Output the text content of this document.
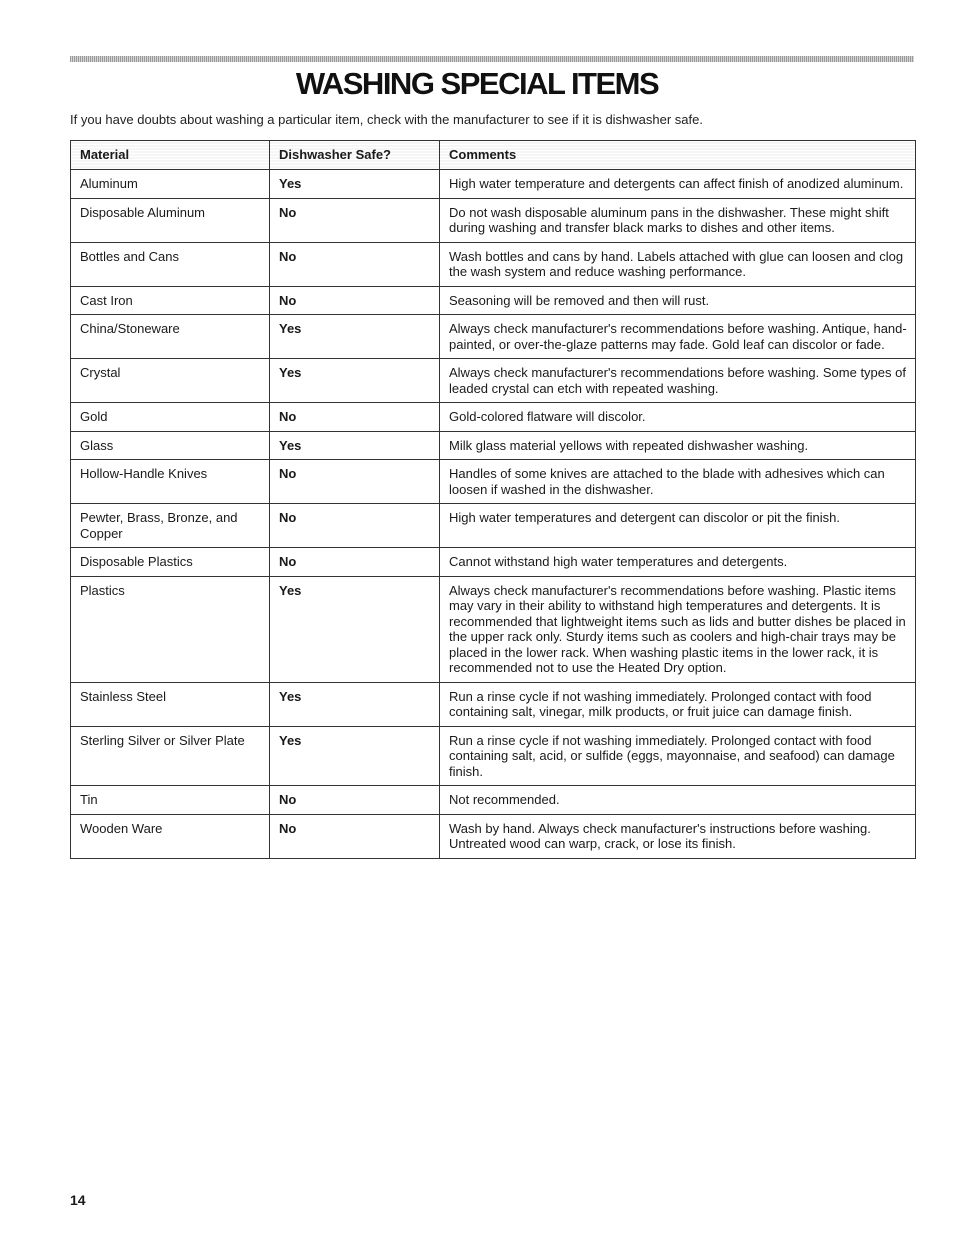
WASHING SPECIAL ITEMS

If you have doubts about washing a particular item, check with the manufacturer to see if it is dishwasher safe.

Material	Dishwasher Safe?	Comments
Aluminum	Yes	High water temperature and detergents can affect finish of anodized aluminum.
Disposable Aluminum	No	Do not wash disposable aluminum pans in the dishwasher. These might shift during washing and transfer black marks to dishes and other items.
Bottles and Cans	No	Wash bottles and cans by hand. Labels attached with glue can loosen and clog the wash system and reduce washing performance.
Cast Iron	No	Seasoning will be removed and then will rust.
China/Stoneware	Yes	Always check manufacturer's recommendations before washing. Antique, hand-painted, or over-the-glaze patterns may fade. Gold leaf can discolor or fade.
Crystal	Yes	Always check manufacturer's recommendations before washing. Some types of leaded crystal can etch with repeated washing.
Gold	No	Gold-colored flatware will discolor.
Glass	Yes	Milk glass material yellows with repeated dishwasher washing.
Hollow-Handle Knives	No	Handles of some knives are attached to the blade with adhesives which can loosen if washed in the dishwasher.
Pewter, Brass, Bronze, and Copper	No	High water temperatures and detergent can discolor or pit the finish.
Disposable Plastics	No	Cannot withstand high water temperatures and detergents.
Plastics	Yes	Always check manufacturer's recommendations before washing. Plastic items may vary in their ability to withstand high temperatures and detergents. It is recommended that lightweight items such as lids and butter dishes be placed in the upper rack only. Sturdy items such as coolers and high-chair trays may be placed in the lower rack. When washing plastic items in the lower rack, it is recommended not to use the Heated Dry option.
Stainless Steel	Yes	Run a rinse cycle if not washing immediately. Prolonged contact with food containing salt, vinegar, milk products, or fruit juice can damage finish.
Sterling Silver or Silver Plate	Yes	Run a rinse cycle if not washing immediately. Prolonged contact with food containing salt, acid, or sulfide (eggs, mayonnaise, and seafood) can damage finish.
Tin	No	Not recommended.
Wooden Ware	No	Wash by hand. Always check manufacturer's instructions before washing. Untreated wood can warp, crack, or lose its finish.

14
